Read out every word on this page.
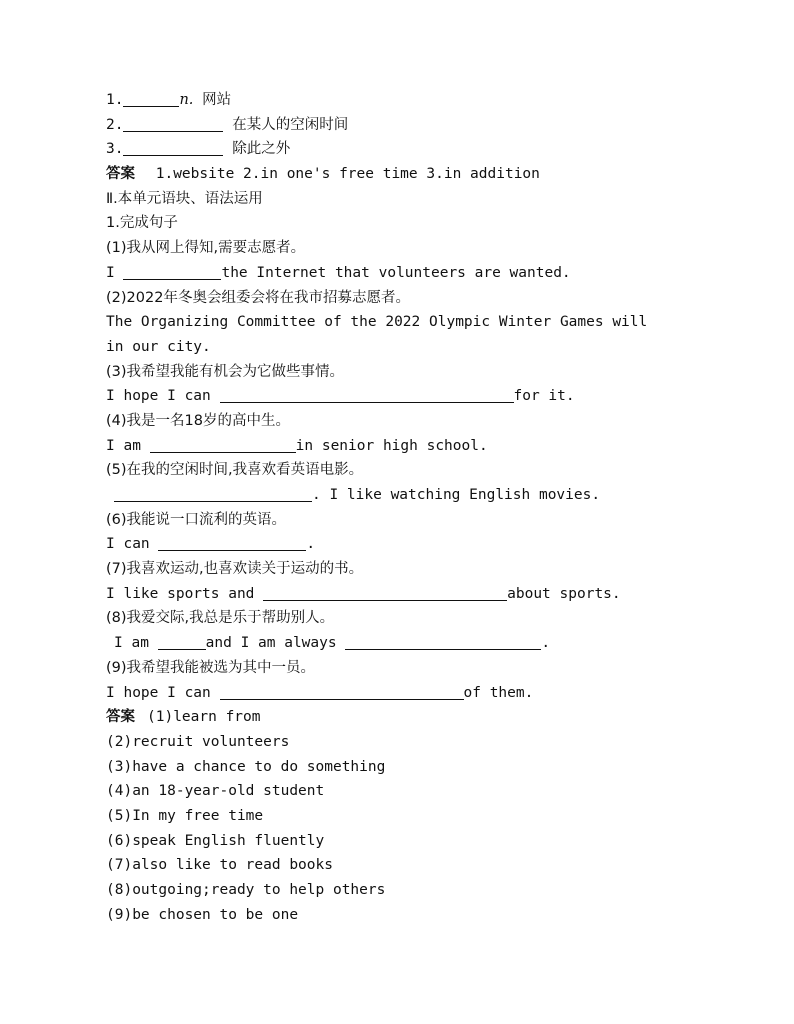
1.	n. 网站
2.	在某人的空闲时间
3.	除此之外
答案 1.website 2.in one's free time 3.in addition
Ⅱ.本单元语块、语法运用
1.完成句子
(1)我从网上得知,需要志愿者。
I	the Internet that volunteers are wanted.
(2)2022年冬奥会组委会将在我市招募志愿者。
The Organizing Committee of the 2022 Olympic Winter Games will
in our city.
(3)我希望我能有机会为它做些事情。
I hope I can	for it.
(4)我是一名18岁的高中生。
I am	in senior high school.
(5)在我的空闲时间,我喜欢看英语电影。
. I like watching English movies.
(6)我能说一口流利的英语。
I can	.
(7)我喜欢运动,也喜欢读关于运动的书。
I like sports and	about sports.
(8)我爱交际,我总是乐于帮助别人。
I am	and I am always	.
(9)我希望我能被选为其中一员。
I hope I can	of them.
答案 (1)learn from
(2)recruit volunteers
(3)have a chance to do something
(4)an 18-year-old student
(5)In my free time
(6)speak English fluently
(7)also like to read books
(8)outgoing;ready to help others
(9)be chosen to be one
